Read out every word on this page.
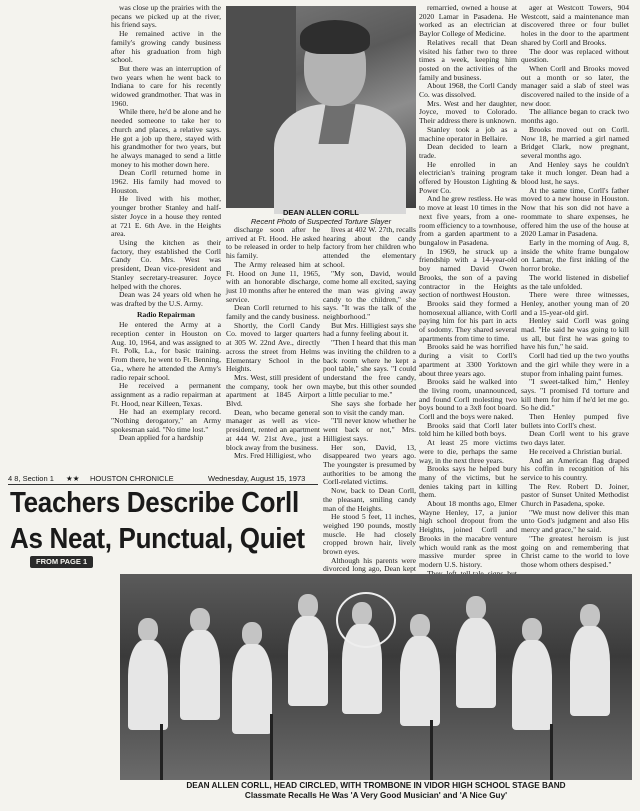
was close up the prairies with the pecans we picked up at the river, his friend says.

He remained active in the family's growing candy business after his graduation from high school.

But there was an interruption of two years when he went back to Indiana to care for his recently widowed grandmother. That was in 1960.

While there, he'd be alone and he needed someone to take her to church and places, a relative says. He got a job up there, stayed with his grandmother for two years, but he always managed to send a little money to his mother down here.

Dean Corll returned home in 1962. His family had moved to Houston.

He lived with his mother, younger brother Stanley and half-sister Joyce in a house they rented at 721 E. 6th Ave. in the Heights area.

Using the kitchen as their factory, they established the Corll Candy Co. Mrs. West was president, Dean vice-president and Stanley secretary-treasurer. Joyce helped with the chores.

Dean was 24 years old when he was drafted by the U.S. Army.

Radio Repairman

He entered the Army at a reception center in Houston on Aug. 10, 1964, and was assigned to Ft. Polk, La., for basic training. From there, he went to Ft. Benning, Ga., where he attended the Army's radio repair school.

He received a permanent assignment as a radio repairman at Ft. Hood, near Killeen, Texas.

He had an exemplary record. "Nothing derogatory," an Army spokesman said. "No time lost."

Dean applied for a hardship

DEAN ALLEN CORLL
Recent Photo of Suspected Torture Slayer

discharge soon after he arrived at Ft. Hood. He asked to be released in order to help his family.

The Army released him at Ft. Hood on June 11, 1965, with an honorable discharge, just 10 months after he entered service.

Dean Corll returned to his family and the candy business.

Shortly, the Corll Candy Co. moved to larger quarters at 305 W. 22nd Ave., directly across the street from Helms Elementary School in the Heights.

Mrs. West, still president of the company, took her own apartment at 1845 Airport Blvd.

Dean, who became general manager as well as vice-president, rented an apartment at 444 W. 21st Ave., just a block away from the business.

Mrs. Fred Hilligiest, who

lives at 402 W. 27th, recalls hearing about the candy factory from her children who attended the elementary school.

"My son, David, would come home all excited, saying the man was giving away candy to the children," she says. "It was the talk of the neighborhood."

But Mrs. Hilligiest says she had a funny feeling about it.

"Then I heard that this man was inviting the children to a back room where he kept a pool table," she says. "I could understand the free candy, maybe, but this other sounded a little peculiar to me."

She says she forbade her son to visit the candy man.

"I'll never know whether he went back or not," Mrs. Hilligiest says.

Her son, David, 13, disappeared two years ago. The youngster is presumed by authorities to be among the Corll-related victims.

Now, back to Dean Corll, the pleasant, smiling candy man of the Heights.

He stood 5 feet, 11 inches, weighed 190 pounds, mostly muscle. He had closely cropped brown hair, lively brown eyes.

Although his parents were divorced long ago, Dean kept

remarried, owned a house at 2020 Lamar in Pasadena. He worked as an electrician at Baylor College of Medicine.

Relatives recall that Dean visited his father two to three times a week, keeping him posted on the activities of the family and business.

About 1968, the Corll Candy Co. was dissolved.

Mrs. West and her daughter, Joyce, moved to Colorado. Their address there is unknown.

Stanley took a job as a machine operator in Bellaire.

Dean decided to learn a trade.

He enrolled in an electrician's training program offered by Houston Lighting & Power Co.

And he grew restless. He was to move at least 10 times in the next five years, from a one-room efficiency to a townhouse, from a garden apartment to a bungalow in Pasadena.

In 1969, he struck up a friendship with a 14-year-old boy named David Owen Brooks, the son of a paving contractor in the Heights section of northwest Houston.

Brooks said they formed a homosexual alliance, with Corll paying him for his part in acts of sodomy. They shared several apartments from time to time.

Brooks said he was horrified during a visit to Corll's apartment at 3300 Yorktown about three years ago.

Brooks said he walked into the living room, unannounced, and found Corll molesting two boys bound to a 3x8 foot board. Corll and the boys were naked.

Brooks said that Corll later told him he killed both boys.

At least 25 more victims were to die, perhaps the same way, in the next three years.

Brooks says he helped bury many of the victims, but he denies taking part in killing them.

About 18 months ago, Elmer Wayne Henley, 17, a junior high school dropout from the Heights, joined Corll and Brooks in the macabre venture which would rank as the most massive murder spree in modern U.S. history.

ager at Westcott Towers, 904 Westcott, said a maintenance man discovered three or four bullet holes in the door to the apartment shared by Corll and Brooks.

The door was replaced without question.

When Corll and Brooks moved out a month or so later, the manager said a slab of steel was discovered nailed to the inside of a new door.

The alliance began to crack two months ago.

Brooks moved out on Corll. Now 18, he married a girl named Bridget Clark, now pregnant, several months ago.

And Henley says he couldn't take it much longer. Dean had a blood lust, he says.

At the same time, Corll's father moved to a new house in Houston. Now that his son did not have a roommate to share expenses, he offered him the use of the house at 2020 Lamar in Pasadena.

Early in the morning of Aug. 8, inside the white frame bungalow on Lamar, the first inkling of the horror broke.

The world listened in disbelief as the tale unfolded.

There were three witnesses, Henley, another young man of 20 and a 15-year-old girl.

Henley said Corll was going mad. "He said he was going to kill us all, but first he was going to have his fun," he said.

Corll had tied up the two youths and the girl while they were in a stupor from inhaling paint fumes.

"I sweet-talked him," Henley says. "I promised I'd torture and kill them for him if he'd let me go. So he did."

Then Henley pumped five bullets into Corll's chest.

Dean Corll went to his grave two days later.

He received a Christian burial.

And an American flag draped his coffin in recognition of his service to his country.

The Rev. Robert D. Joiner, pastor of Sunset United Methodist Church in Pasadena, spoke.

"We must now deliver this man unto God's judgment and also His mercy and grace," he said.

"The greatest heroism is just going on and remembering that Christ came to the world to love those whom others despised."

4 8, Section 1 ★★ HOUSTON CHRONICLE	Wednesday, August 15, 1973
Teachers Describe Corll
As Neat, Punctual, Quiet
FROM PAGE 1
DEAN ALLEN CORLL, HEAD CIRCLED, WITH TROMBONE IN VIDOR HIGH SCHOOL STAGE BAND
Classmate Recalls He Was 'A Very Good Musician' and 'A Nice Guy'
